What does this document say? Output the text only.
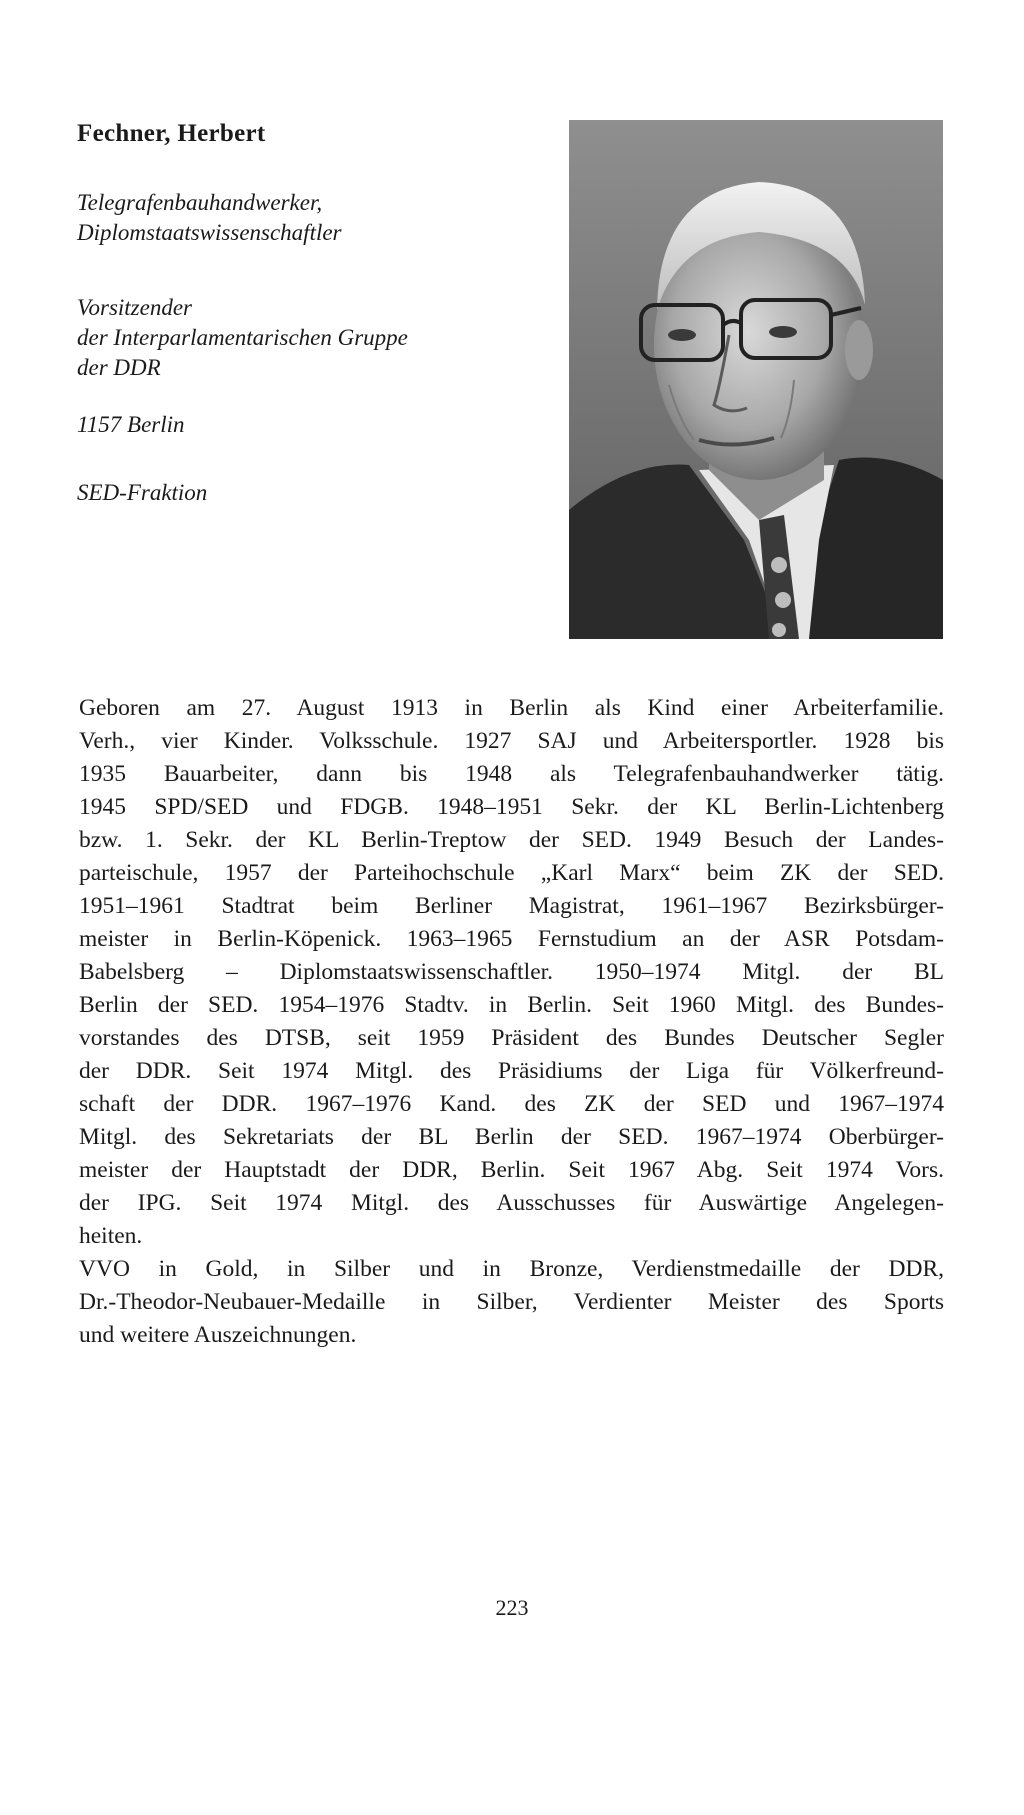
Fechner, Herbert
Telegrafenbauhandwerker,
Diplomstaatswissenschaftler
Vorsitzender
der Interparlamentarischen Gruppe
der DDR
1157 Berlin
SED-Fraktion
Geboren am 27. August 1913 in Berlin als Kind einer Arbeiterfamilie.
Verh., vier Kinder. Volksschule. 1927 SAJ und Arbeitersportler. 1928 bis
1935 Bauarbeiter, dann bis 1948 als Telegrafenbauhandwerker tätig.
1945 SPD/SED und FDGB. 1948–1951 Sekr. der KL Berlin-Lichtenberg
bzw. 1. Sekr. der KL Berlin-Treptow der SED. 1949 Besuch der Landes-
parteischule, 1957 der Parteihochschule „Karl Marx“ beim ZK der SED.
1951–1961 Stadtrat beim Berliner Magistrat, 1961–1967 Bezirksbürger-
meister in Berlin-Köpenick. 1963–1965 Fernstudium an der ASR Potsdam-
Babelsberg – Diplomstaatswissenschaftler. 1950–1974 Mitgl. der BL
Berlin der SED. 1954–1976 Stadtv. in Berlin. Seit 1960 Mitgl. des Bundes-
vorstandes des DTSB, seit 1959 Präsident des Bundes Deutscher Segler
der DDR. Seit 1974 Mitgl. des Präsidiums der Liga für Völkerfreund-
schaft der DDR. 1967–1976 Kand. des ZK der SED und 1967–1974
Mitgl. des Sekretariats der BL Berlin der SED. 1967–1974 Oberbürger-
meister der Hauptstadt der DDR, Berlin. Seit 1967 Abg. Seit 1974 Vors.
der IPG. Seit 1974 Mitgl. des Ausschusses für Auswärtige Angelegen-
heiten.
VVO in Gold, in Silber und in Bronze, Verdienstmedaille der DDR,
Dr.-Theodor-Neubauer-Medaille in Silber, Verdienter Meister des Sports
und weitere Auszeichnungen.
223
